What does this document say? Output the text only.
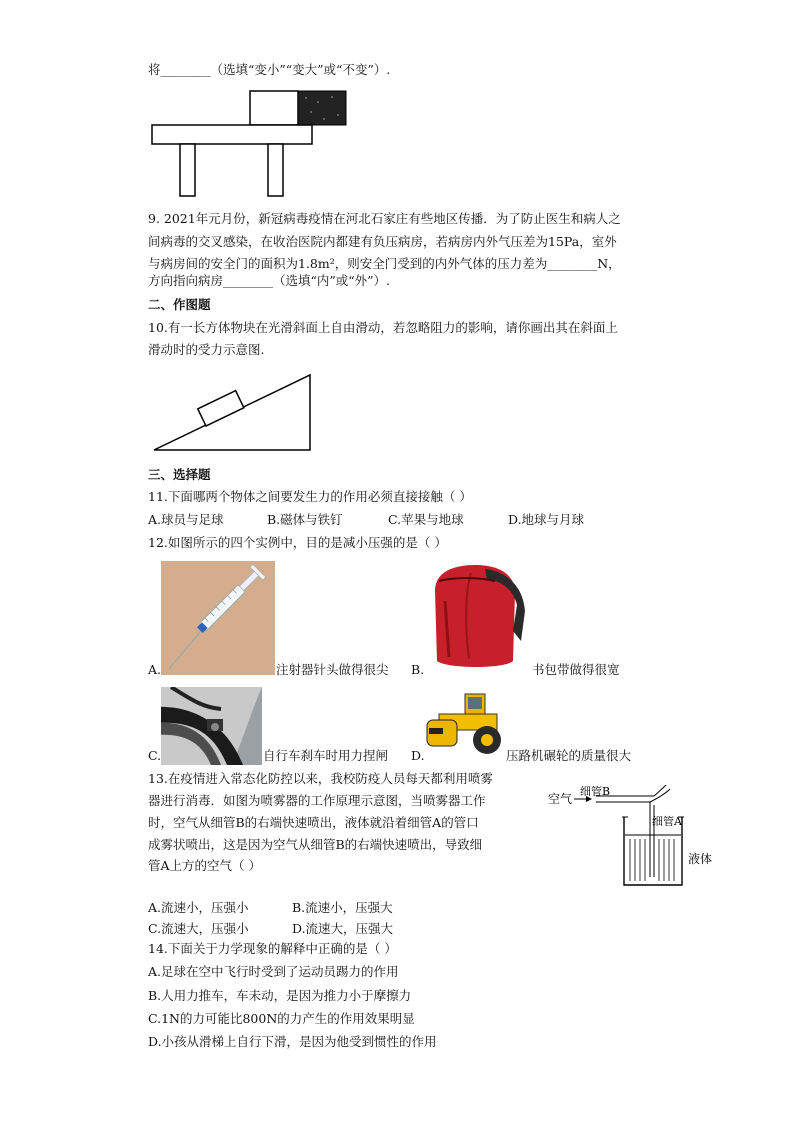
将________（选填“变小”“变大”或“不变”）.
9. 2021年元月份，新冠病毒疫情在河北石家庄有些地区传播．为了防止医生和病人之
间病毒的交叉感染，在收治医院内都建有负压病房，若病房内外气压差为15Pa，室外
与病房间的安全门的面积为1.8m²，则安全门受到的内外气体的压力差为________N，
方向指向病房________（选填“内”或“外”）.
二、作图题
10.有一长方体物块在光滑斜面上自由滑动，若忽略阻力的影响，请你画出其在斜面上
滑动时的受力示意图.
三、选择题
11.下面哪两个物体之间要发生力的作用必须直接接触（ ）
A.球员与足球	B.磁体与铁钉	C.苹果与地球	D.地球与月球
12.如图所示的四个实例中，目的是减小压强的是（ ）
A.	注射器针头做得很尖 B.	书包带做得很宽
C.	自行车刹车时用力捏闸 D.	压路机碾轮的质量很大
13.在疫情进入常态化防控以来，我校防疫人员每天都利用喷雾
器进行消毒．如图为喷雾器的工作原理示意图，当喷雾器工作
时，空气从细管B的右端快速喷出，液体就沿着细管A的管口
成雾状喷出，这是因为空气从细管B的右端快速喷出，导致细
管A上方的空气（ ）
空气
细管B
细管A
液体
A.流速小，压强小	B.流速小，压强大
C.流速大，压强小	D.流速大，压强大
14.下面关于力学现象的解释中正确的是（ ）
A.足球在空中飞行时受到了运动员踢力的作用
B.人用力推车，车未动，是因为推力小于摩擦力
C.1N的力可能比800N的力产生的作用效果明显
D.小孩从滑梯上自行下滑，是因为他受到惯性的作用
